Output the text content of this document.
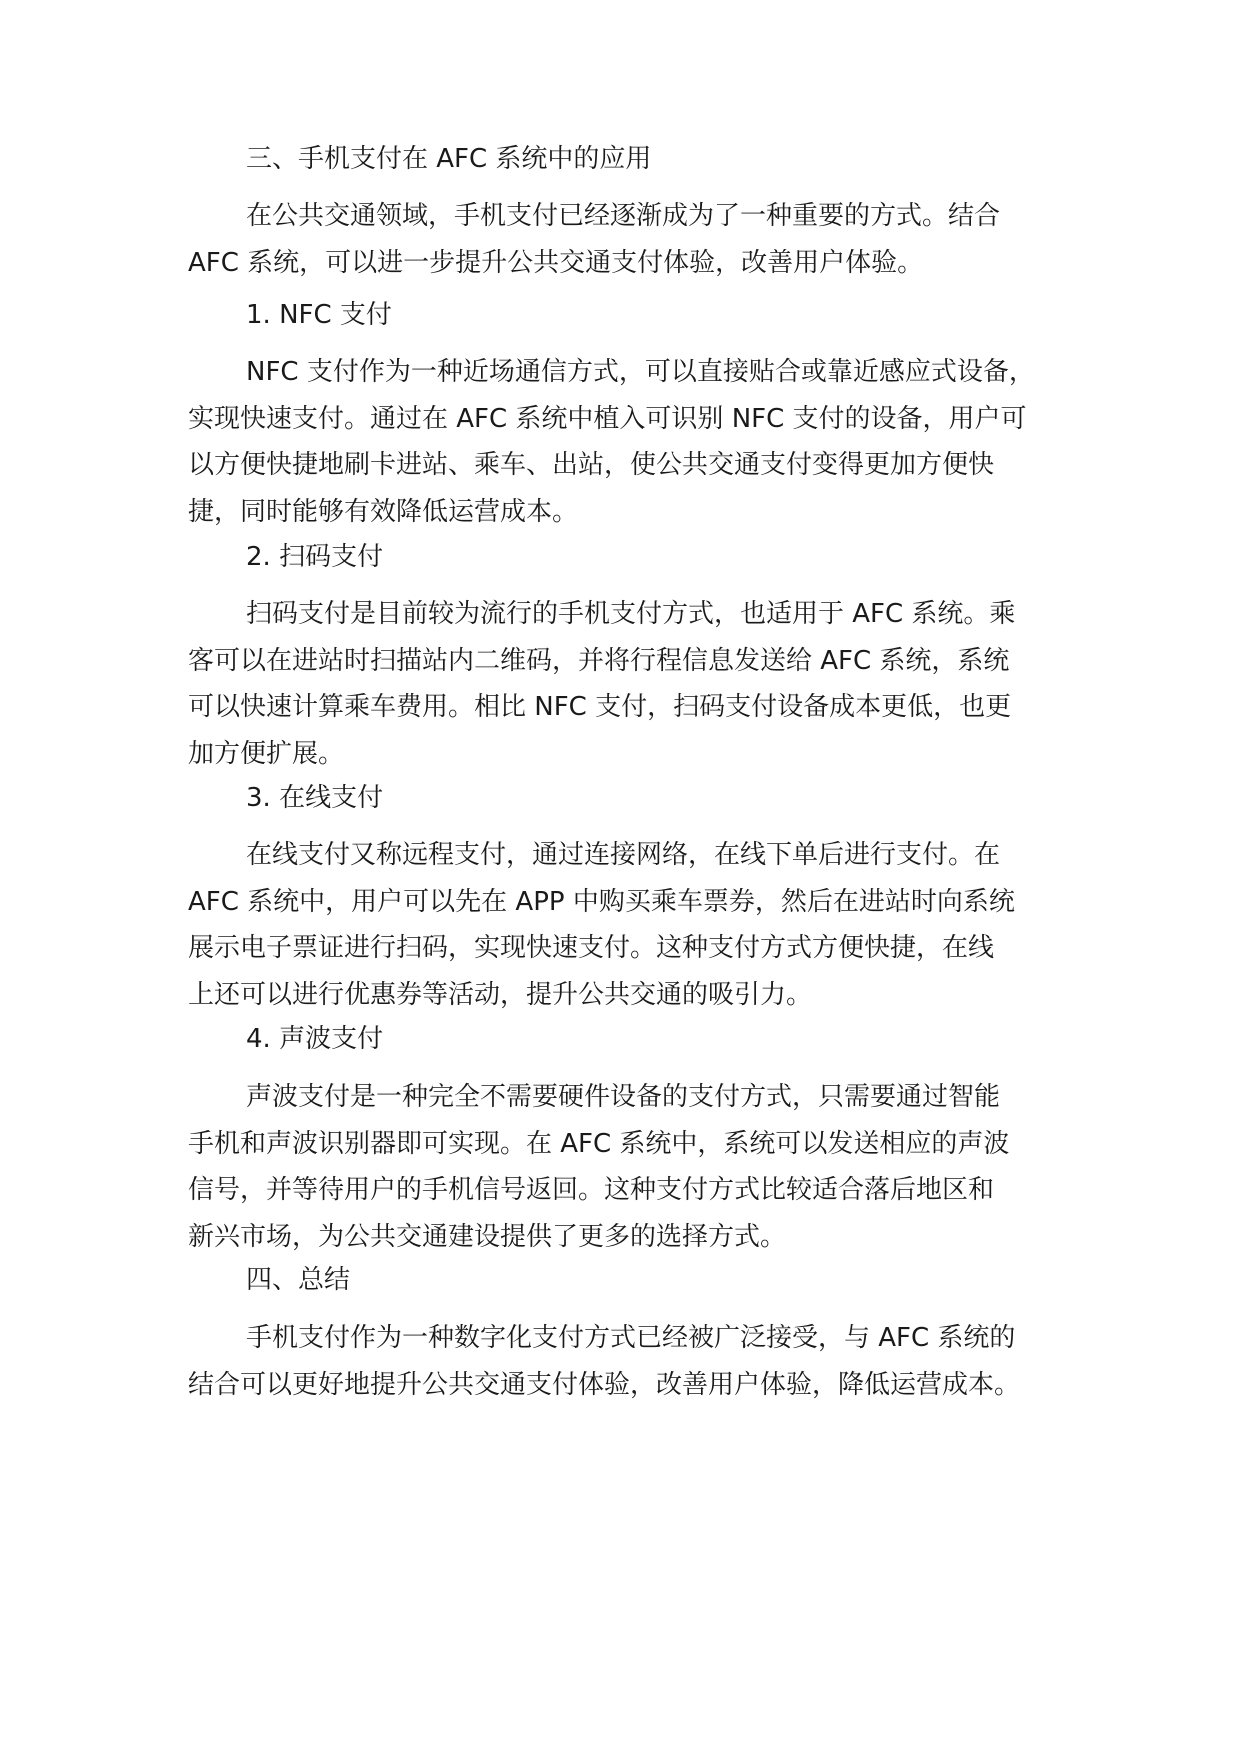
三、手机支付在 AFC 系统中的应用
在公共交通领域，手机支付已经逐渐成为了一种重要的方式。结合
AFC 系统，可以进一步提升公共交通支付体验，改善用户体验。
1. NFC 支付
NFC 支付作为一种近场通信方式，可以直接贴合或靠近感应式设备，
实现快速支付。通过在 AFC 系统中植入可识别 NFC 支付的设备，用户可
以方便快捷地刷卡进站、乘车、出站，使公共交通支付变得更加方便快
捷，同时能够有效降低运营成本。
2. 扫码支付
扫码支付是目前较为流行的手机支付方式，也适用于 AFC 系统。乘
客可以在进站时扫描站内二维码，并将行程信息发送给 AFC 系统，系统
可以快速计算乘车费用。相比 NFC 支付，扫码支付设备成本更低，也更
加方便扩展。
3. 在线支付
在线支付又称远程支付，通过连接网络，在线下单后进行支付。在
AFC 系统中，用户可以先在 APP 中购买乘车票券，然后在进站时向系统
展示电子票证进行扫码，实现快速支付。这种支付方式方便快捷，在线
上还可以进行优惠券等活动，提升公共交通的吸引力。
4. 声波支付
声波支付是一种完全不需要硬件设备的支付方式，只需要通过智能
手机和声波识别器即可实现。在 AFC 系统中，系统可以发送相应的声波
信号，并等待用户的手机信号返回。这种支付方式比较适合落后地区和
新兴市场，为公共交通建设提供了更多的选择方式。
四、总结
手机支付作为一种数字化支付方式已经被广泛接受，与 AFC 系统的
结合可以更好地提升公共交通支付体验，改善用户体验，降低运营成本。
